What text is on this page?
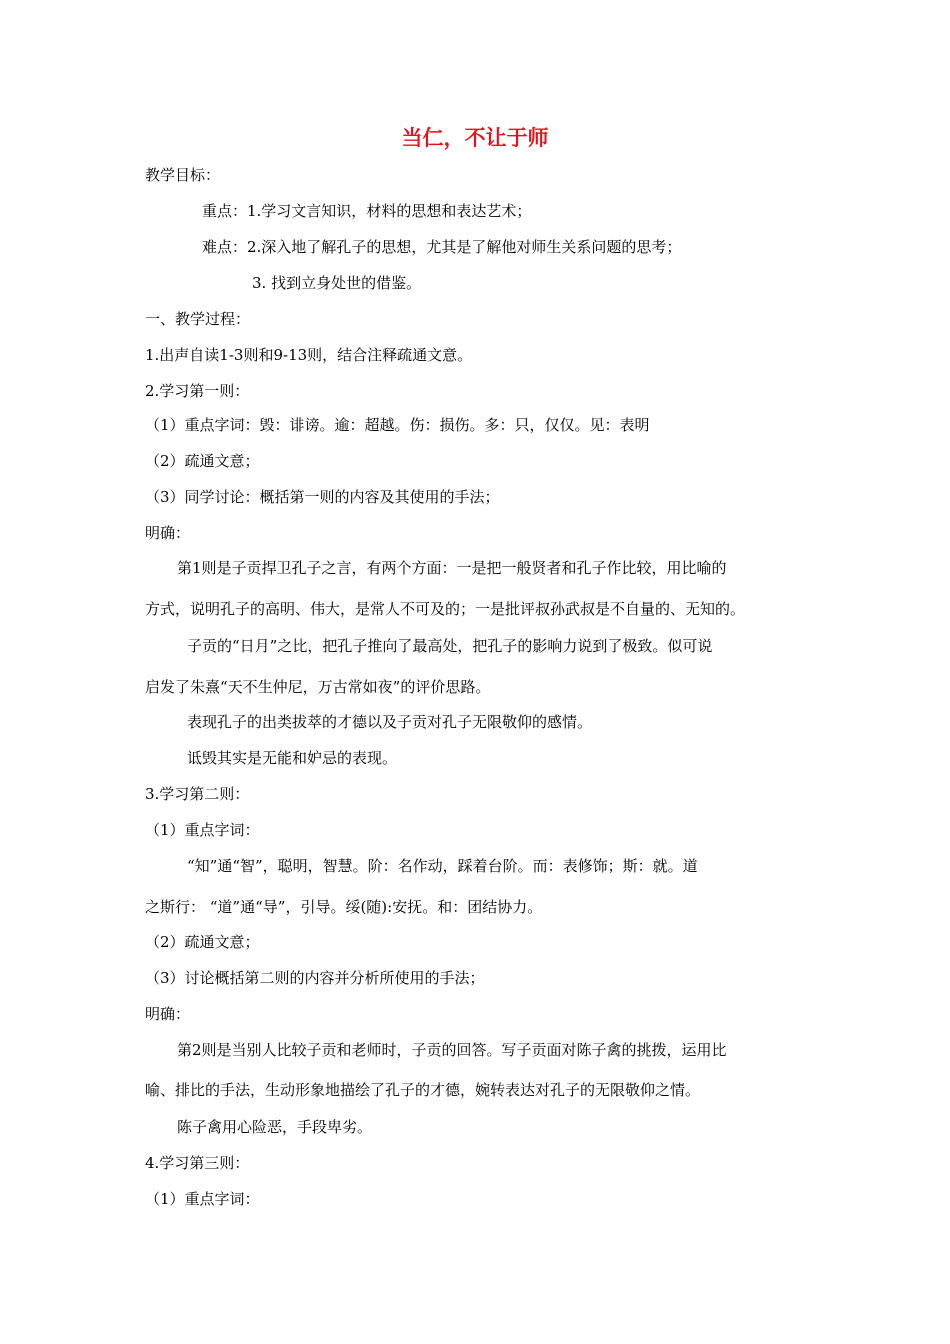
当仁，不让于师
教学目标：
重点：1.学习文言知识，材料的思想和表达艺术；
难点：2.深入地了解孔子的思想，尤其是了解他对师生关系问题的思考；
3. 找到立身处世的借鉴。
一、教学过程：
1.出声自读1-3则和9-13则，结合注释疏通文意。
2.学习第一则：
（1）重点字词：毁：诽谤。逾：超越。伤：损伤。多：只，仅仅。见：表明
（2）疏通文意；
（3）同学讨论：概括第一则的内容及其使用的手法；
明确：
第1则是子贡捍卫孔子之言，有两个方面：一是把一般贤者和孔子作比较，用比喻的
方式，说明孔子的高明、伟大，是常人不可及的；一是批评叔孙武叔是不自量的、无知的。
子贡的“日月”之比，把孔子推向了最高处，把孔子的影响力说到了极致。似可说
启发了朱熹“天不生仲尼，万古常如夜”的评价思路。
表现孔子的出类拔萃的才德以及子贡对孔子无限敬仰的感情。
诋毁其实是无能和妒忌的表现。
3.学习第二则：
（1）重点字词：
“知”通“智”，聪明，智慧。阶：名作动，踩着台阶。而：表修饰；斯：就。道
之斯行： “道”通“导”，引导。绥(随):安抚。和：团结协力。
（2）疏通文意；
（3）讨论概括第二则的内容并分析所使用的手法；
明确：
第2则是当别人比较子贡和老师时，子贡的回答。写子贡面对陈子禽的挑拨，运用比
喻、排比的手法，生动形象地描绘了孔子的才德，婉转表达对孔子的无限敬仰之情。
陈子禽用心险恶，手段卑劣。
4.学习第三则：
（1）重点字词：
